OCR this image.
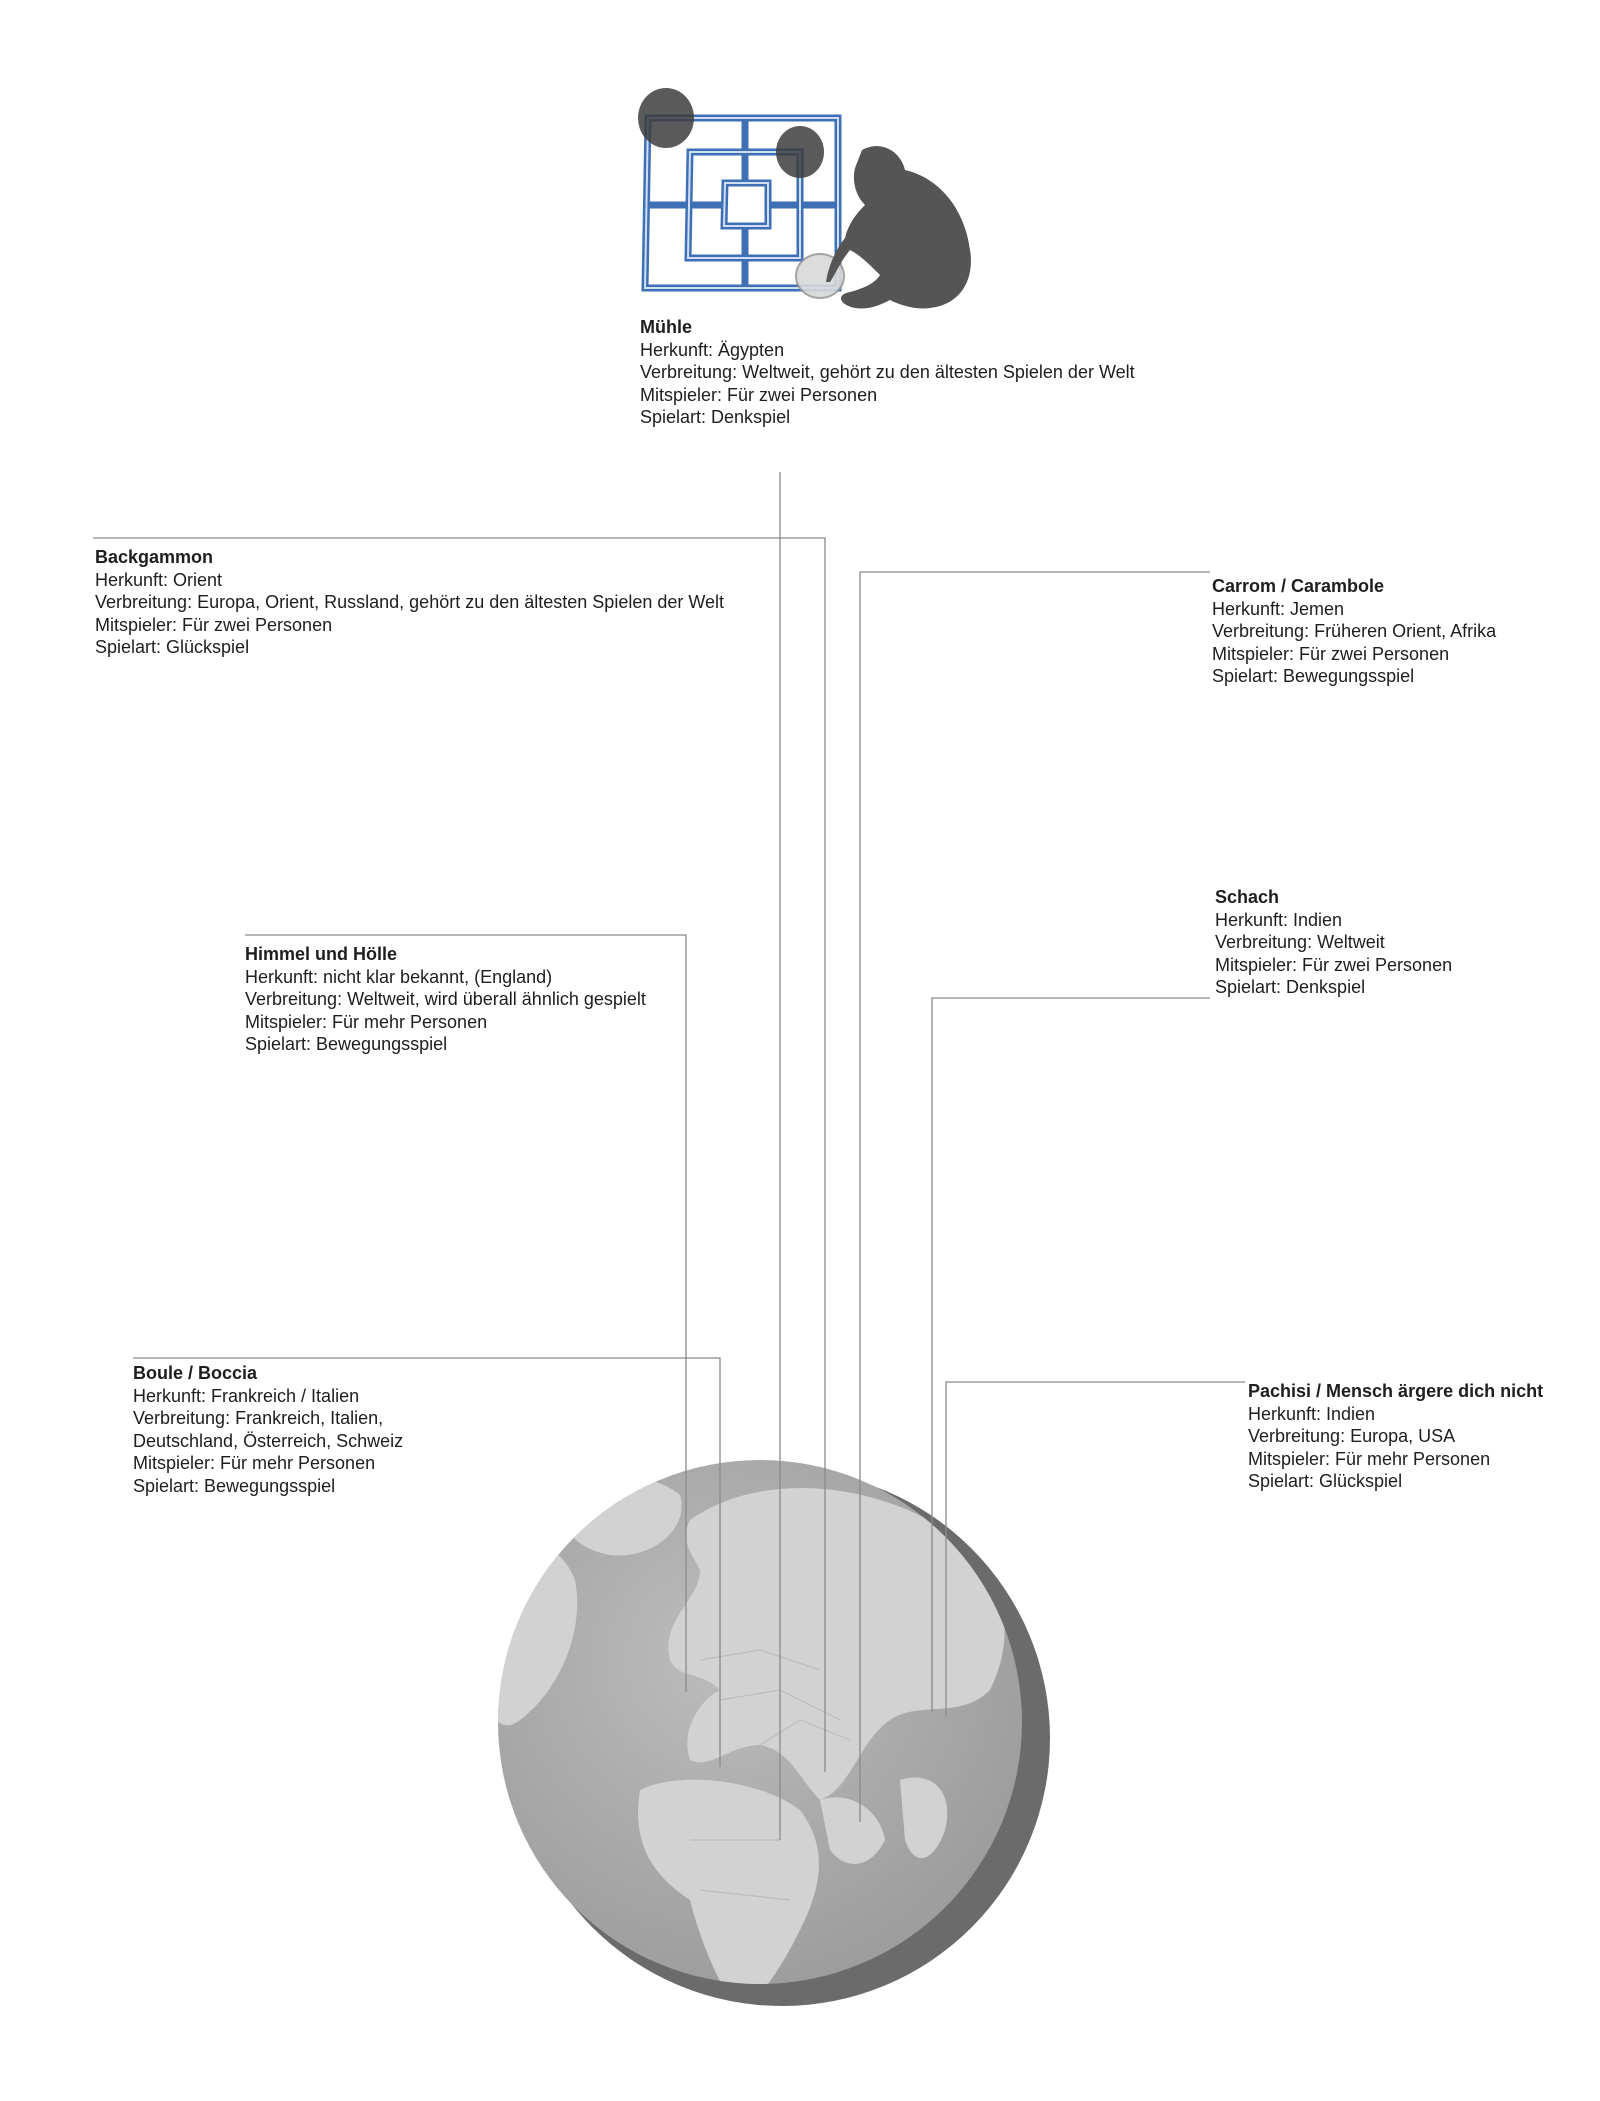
Mühle
Herkunft: Ägypten
Verbreitung: Weltweit, gehört zu den ältesten Spielen der Welt
Mitspieler: Für zwei Personen
Spielart: Denkspiel
Backgammon
Herkunft: Orient
Verbreitung: Europa, Orient, Russland, gehört zu den ältesten Spielen der Welt
Mitspieler: Für zwei Personen
Spielart: Glückspiel
Carrom / Carambole
Herkunft: Jemen
Verbreitung: Früheren Orient, Afrika
Mitspieler: Für zwei Personen
Spielart: Bewegungsspiel
Himmel und Hölle
Herkunft: nicht klar bekannt, (England)
Verbreitung: Weltweit, wird überall ähnlich gespielt
Mitspieler: Für mehr Personen
Spielart: Bewegungsspiel
Schach
Herkunft: Indien
Verbreitung: Weltweit
Mitspieler: Für zwei Personen
Spielart: Denkspiel
Boule / Boccia
Herkunft: Frankreich / Italien
Verbreitung: Frankreich, Italien,
Deutschland, Österreich, Schweiz
Mitspieler: Für mehr Personen
Spielart: Bewegungsspiel
Pachisi / Mensch ärgere dich nicht
Herkunft: Indien
Verbreitung: Europa, USA
Mitspieler: Für mehr Personen
Spielart: Glückspiel
